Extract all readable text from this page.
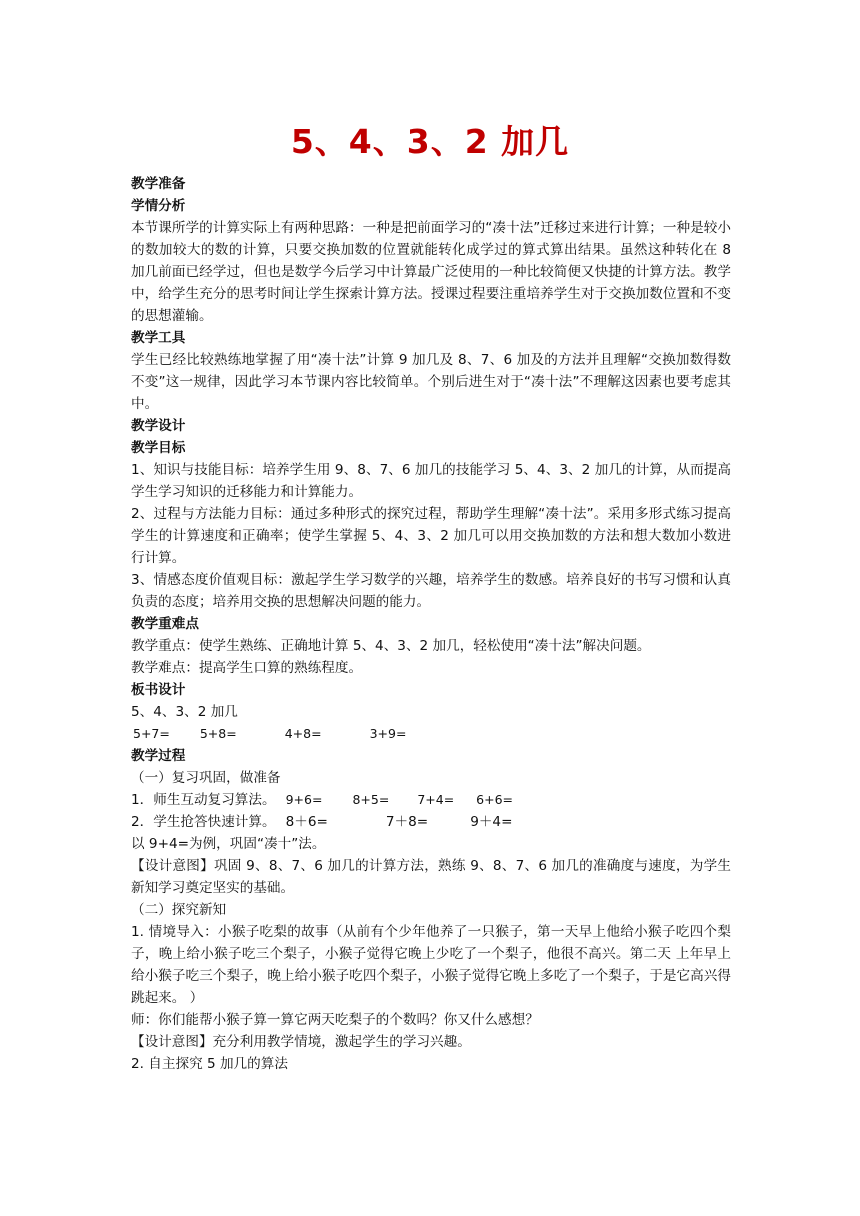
5、4、3、2 加几

教学准备

学情分析

本节课所学的计算实际上有两种思路：一种是把前面学习的“凑十法”迁移过来进行计算；一种是较小的数加较大的数的计算，只要交换加数的位置就能转化成学过的算式算出结果。虽然这种转化在 8 加几前面已经学过，但也是数学今后学习中计算最广泛使用的一种比较简便又快捷的计算方法。教学中，给学生充分的思考时间让学生探索计算方法。授课过程要注重培养学生对于交换加数位置和不变的思想灌输。

教学工具

学生已经比较熟练地掌握了用“凑十法”计算 9 加几及 8、7、6 加及的方法并且理解“交换加数得数不变”这一规律，因此学习本节课内容比较简单。个别后进生对于“凑十法”不理解这因素也要考虑其中。

教学设计

教学目标

1、知识与技能目标：培养学生用 9、8、7、6 加几的技能学习 5、4、3、2 加几的计算，从而提高学生学习知识的迁移能力和计算能力。

2、过程与方法能力目标：通过多种形式的探究过程，帮助学生理解“凑十法”。采用多形式练习提高学生的计算速度和正确率；使学生掌握 5、4、3、2 加几可以用交换加数的方法和想大数加小数进行计算。

3、情感态度价值观目标：激起学生学习数学的兴趣，培养学生的数感。培养良好的书写习惯和认真负责的态度；培养用交换的思想解决问题的能力。

教学重难点

教学重点：使学生熟练、正确地计算 5、4、3、2 加几，轻松使用“凑十法”解决问题。

教学难点：提高学生口算的熟练程度。

板书设计

5、4、3、2 加几

5+7= 5+8=	4+8=	3+9=

教学过程

（一）复习巩固，做准备

1．师生互动复习算法。 9+6= 8+5= 7+4= 6+6=

2．学生抢答快速计算。 8＋6=	7＋8=	9＋4=

以 9+4=为例，巩固“凑十”法。

【设计意图】巩固 9、8、7、6 加几的计算方法，熟练 9、8、7、6 加几的准确度与速度，为学生新知学习奠定坚实的基础。

（二）探究新知

1. 情境导入：小猴子吃梨的故事（从前有个少年他养了一只猴子，第一天早上他给小猴子吃四个梨子，晚上给小猴子吃三个梨子，小猴子觉得它晚上少吃了一个梨子，他很不高兴。第二天 上年早上给小猴子吃三个梨子，晚上给小猴子吃四个梨子，小猴子觉得它晚上多吃了一个梨子，于是它高兴得跳起来。 ）

师：你们能帮小猴子算一算它两天吃梨子的个数吗？你又什么感想？

【设计意图】充分利用教学情境，激起学生的学习兴趣。

2. 自主探究 5 加几的算法
